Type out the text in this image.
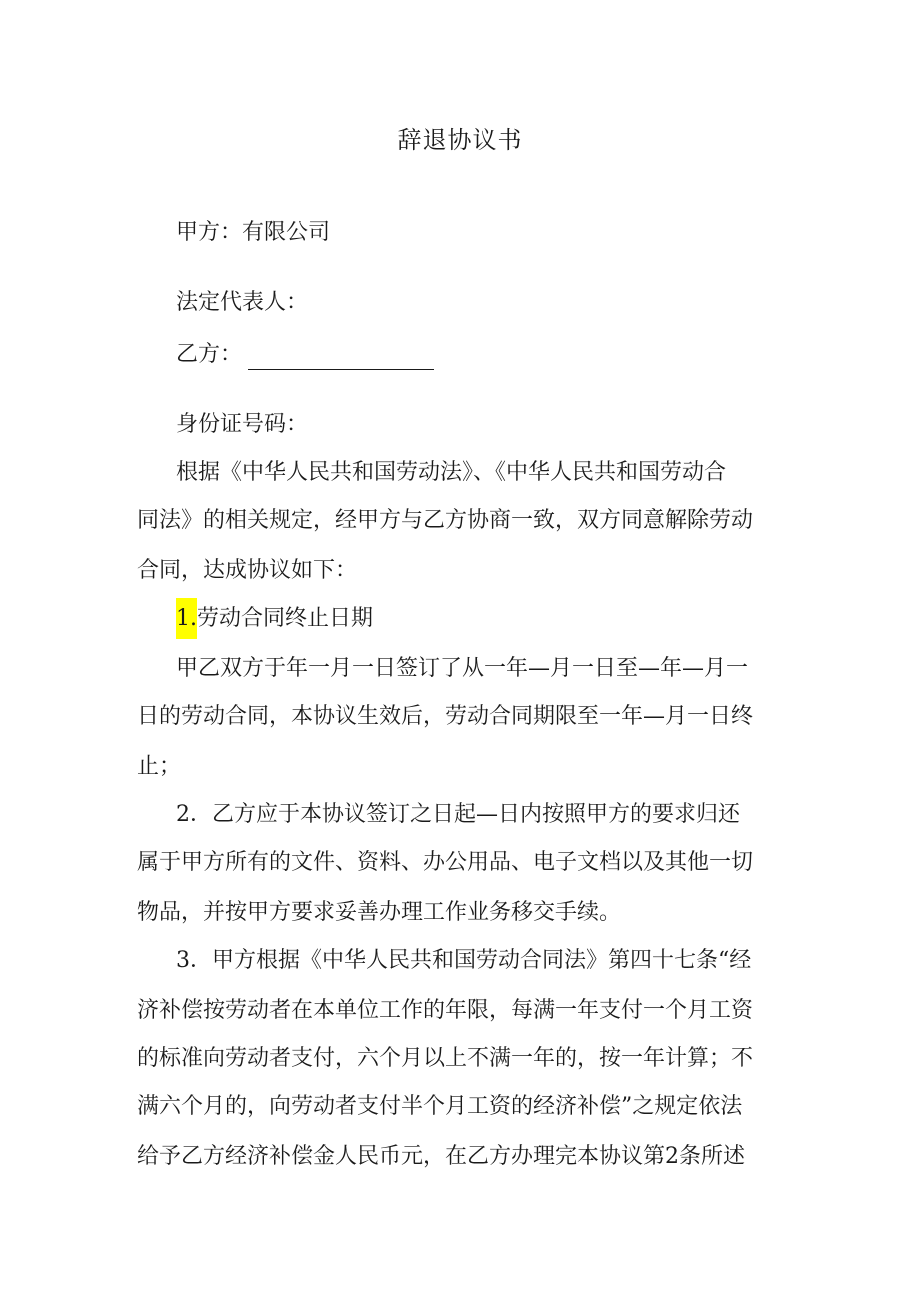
辞退协议书
甲方：有限公司
法定代表人：
乙方：
身份证号码：
根据《中华人民共和国劳动法》、《中华人民共和国劳动合
同法》的相关规定，经甲方与乙方协商一致，双方同意解除劳动
合同，达成协议如下：
1.劳动合同终止日期
甲乙双方于年一月一日签订了从一年—月一日至—年—月一
日的劳动合同，本协议生效后，劳动合同期限至一年—月一日终
止；
2．乙方应于本协议签订之日起—日内按照甲方的要求归还
属于甲方所有的文件、资料、办公用品、电子文档以及其他一切
物品，并按甲方要求妥善办理工作业务移交手续。
3．甲方根据《中华人民共和国劳动合同法》第四十七条“经
济补偿按劳动者在本单位工作的年限，每满一年支付一个月工资
的标准向劳动者支付，六个月以上不满一年的，按一年计算；不
满六个月的，向劳动者支付半个月工资的经济补偿”之规定依法
给予乙方经济补偿金人民币元，在乙方办理完本协议第2条所述
